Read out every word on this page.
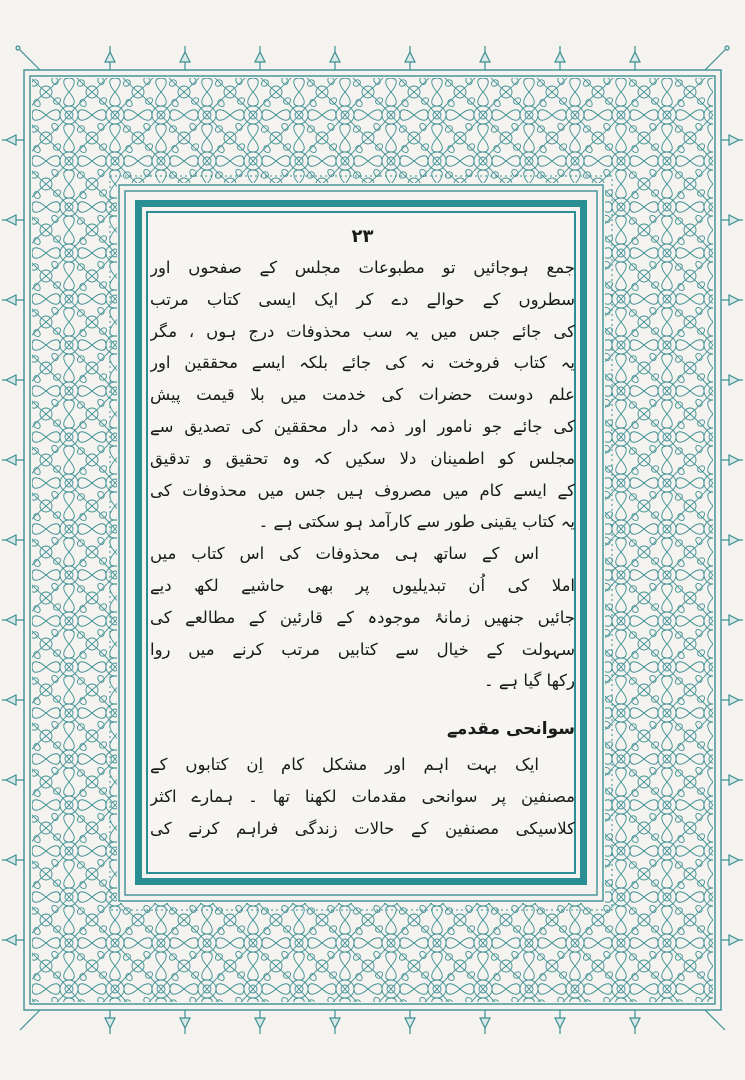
۲۳
جمع ہوجائیں تو مطبوعات مجلس کے صفحوں اور
سطروں کے حوالے دے کر ایک ایسی کتاب مرتب
کی جائے جس میں یہ سب محذوفات درج ہوں ، مگر
یہ کتاب فروخت نہ کی جائے بلکہ ایسے محققین اور
علم دوست حضرات کی خدمت میں بلا قیمت پیش
کی جائے جو نامور اور ذمہ دار محققین کی تصدیق سے
مجلس کو اطمینان دلا سکیں کہ وہ تحقیق و تدقیق
کے ایسے کام میں مصروف ہیں جس میں محذوفات کی
یہ کتاب یقینی طور سے کارآمد ہو سکتی ہے ۔
اس کے ساتھ ہی محذوفات کی اس کتاب میں
املا کی اُن تبدیلیوں پر بھی حاشیے لکھ دیے
جائیں جنھیں زمانۂ موجودہ کے قارئین کے مطالعے کی
سہولت کے خیال سے کتابیں مرتب کرنے میں روا
رکھا گیا ہے ۔
سوانحی مقدمے
ایک بہت اہم اور مشکل کام اِن کتابوں کے
مصنفین پر سوانحی مقدمات لکھنا تھا ۔ ہمارے اکثر
کلاسیکی مصنفین کے حالات زندگی فراہم کرنے کی
